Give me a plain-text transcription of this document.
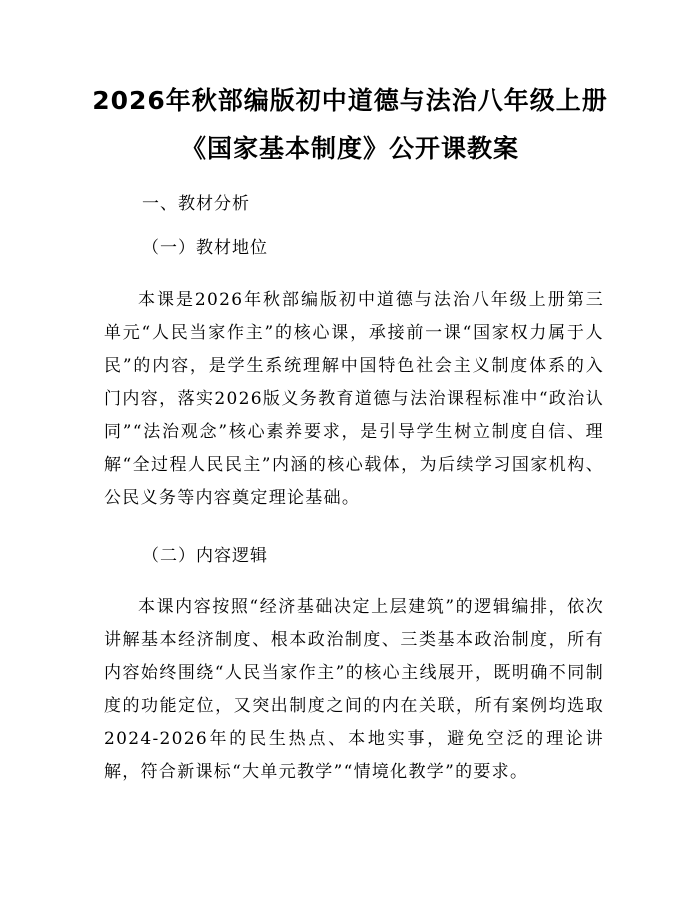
2026年秋部编版初中道德与法治八年级上册
《国家基本制度》公开课教案
一、教材分析
（一）教材地位

本课是2026年秋部编版初中道德与法治八年级上册第三单元“人民当家作主”的核心课，承接前一课“国家权力属于人民”的内容，是学生系统理解中国特色社会主义制度体系的入门内容，落实2026版义务教育道德与法治课程标准中“政治认同”“法治观念”核心素养要求，是引导学生树立制度自信、理解“全过程人民民主”内涵的核心载体，为后续学习国家机构、公民义务等内容奠定理论基础。

（二）内容逻辑

本课内容按照“经济基础决定上层建筑”的逻辑编排，依次讲解基本经济制度、根本政治制度、三类基本政治制度，所有内容始终围绕“人民当家作主”的核心主线展开，既明确不同制度的功能定位，又突出制度之间的内在关联，所有案例均选取2024-2026年的民生热点、本地实事，避免空泛的理论讲解，符合新课标“大单元教学”“情境化教学”的要求。
